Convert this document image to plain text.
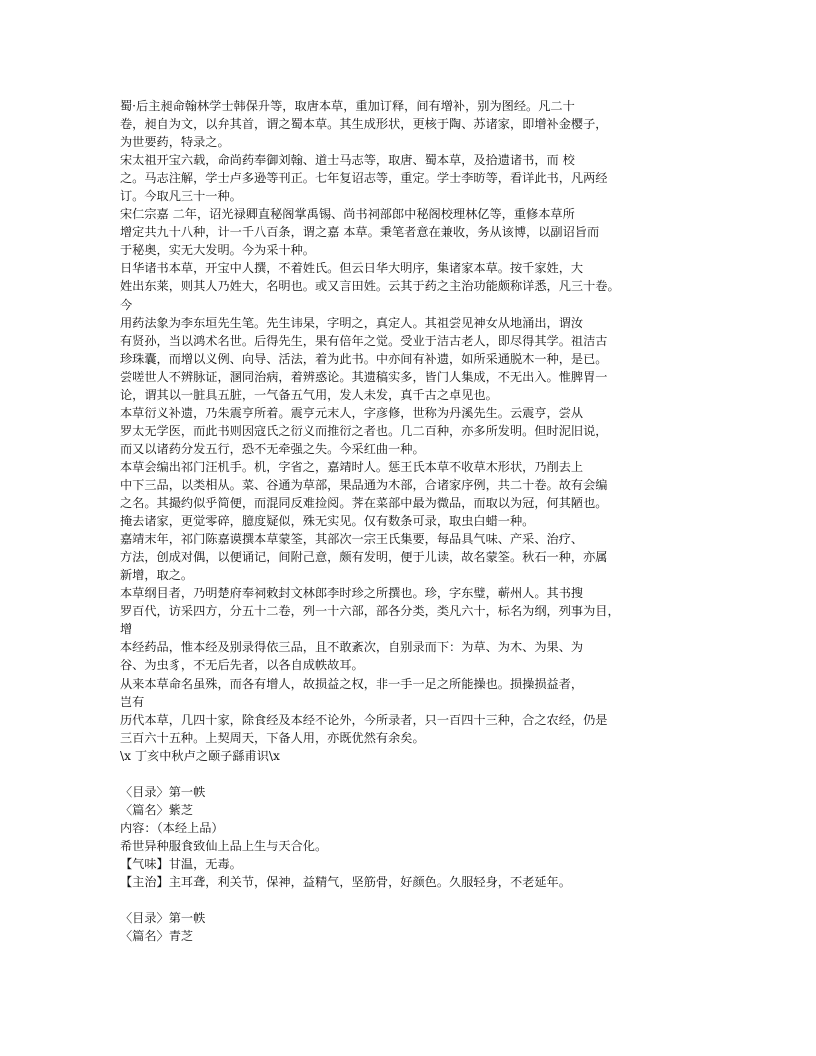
蜀·后主昶命翰林学士韩保升等，取唐本草，重加订释，间有增补，别为图经。凡二十
卷，昶自为文，以弁其首，谓之蜀本草。其生成形状，更核于陶、苏诸家，即增补金樱子，
为世要药，特录之。
宋太祖开宝六载，命尚药奉御刘翰、道士马志等，取唐、蜀本草，及拾遗诸书，而 校
之。马志注解，学士卢多逊等刊正。七年复诏志等，重定。学士李昉等，看详此书，凡两经
订。今取凡三十一种。
宋仁宗嘉 二年，诏光禄卿直秘阁掌禹锡、尚书祠部郎中秘阁校理林亿等，重修本草所
增定共九十八种，计一千八百条，谓之嘉 本草。秉笔者意在兼收，务从该博，以副诏旨而
于秘奥，实无大发明。今为采十种。
日华诸书本草，开宝中人撰，不着姓氏。但云日华大明序，集诸家本草。按千家姓，大
姓出东莱，则其人乃姓大，名明也。或又言田姓。云其于药之主治功能颇称详悉，凡三十卷。
今
用药法象为李东垣先生笔。先生讳杲，字明之，真定人。其祖尝见神女从地涌出，谓汝
有贤孙，当以鸿术名世。后得先生，果有倍年之觉。受业于洁古老人，即尽得其学。祖洁古
珍珠囊，而增以义例、向导、活法，着为此书。中亦间有补遗，如所采通脱木一种，是已。
尝嗟世人不辨脉证，溷同治病，着辨惑论。其遗稿实多，皆门人集成，不无出入。惟脾胃一
论，谓其以一脏具五脏，一气备五气用，发人未发，真千古之卓见也。
本草衍义补遗，乃朱震亨所着。震亨元末人，字彦修，世称为丹溪先生。云震亨，尝从
罗太无学医，而此书则因寇氏之衍义而推衍之者也。几二百种，亦多所发明。但时泥旧说，
而又以诸药分发五行，恐不无牵强之失。今采红曲一种。
本草会编出祁门汪机手。机，字省之，嘉靖时人。惩王氏本草不收草木形状，乃削去上
中下三品，以类相从。菜、谷通为草部，果品通为木部，合诸家序例，共二十卷。故有会编
之名。其撮约似乎简便，而混同反难捡阅。荠在菜部中最为微品，而取以为冠，何其陋也。
掩去诸家，更觉零碎，臆度疑似，殊无实见。仅有数条可录，取虫白蜡一种。
嘉靖末年，祁门陈嘉谟撰本草蒙筌，其部次一宗王氏集要，每品具气味、产采、治疗、
方法，创成对偶，以便诵记，间附己意，颇有发明，便于儿读，故名蒙筌。秋石一种，亦属
新增，取之。
本草纲目者，乃明楚府奉祠敕封文林郎李时珍之所撰也。珍，字东璧，蕲州人。其书搜
罗百代，访采四方，分五十二卷，列一十六部，部各分类，类凡六十，标名为纲，列事为目，
增
本经药品，惟本经及别录得依三品，且不敢紊次，自别录而下：为草、为木、为果、为
谷、为虫豸，不无后先者，以各自成帙故耳。
从来本草命名虽殊，而各有增人，故损益之权，非一手一足之所能操也。损操损益者，
岂有
历代本草，几四十家，除食经及本经不论外，今所录者，只一百四十三种，合之农经，仍是
三百六十五种。上契周天，下备人用，亦既优然有余矣。
\x 丁亥中秋卢之颐子繇甫识\x
〈目录〉第一帙
〈篇名〉紫芝
内容：（本经上品）
希世异种服食致仙上品上生与天合化。
【气味】甘温，无毒。
【主治】主耳聋，利关节，保神，益精气，坚筋骨，好颜色。久服轻身，不老延年。
〈目录〉第一帙
〈篇名〉青芝
